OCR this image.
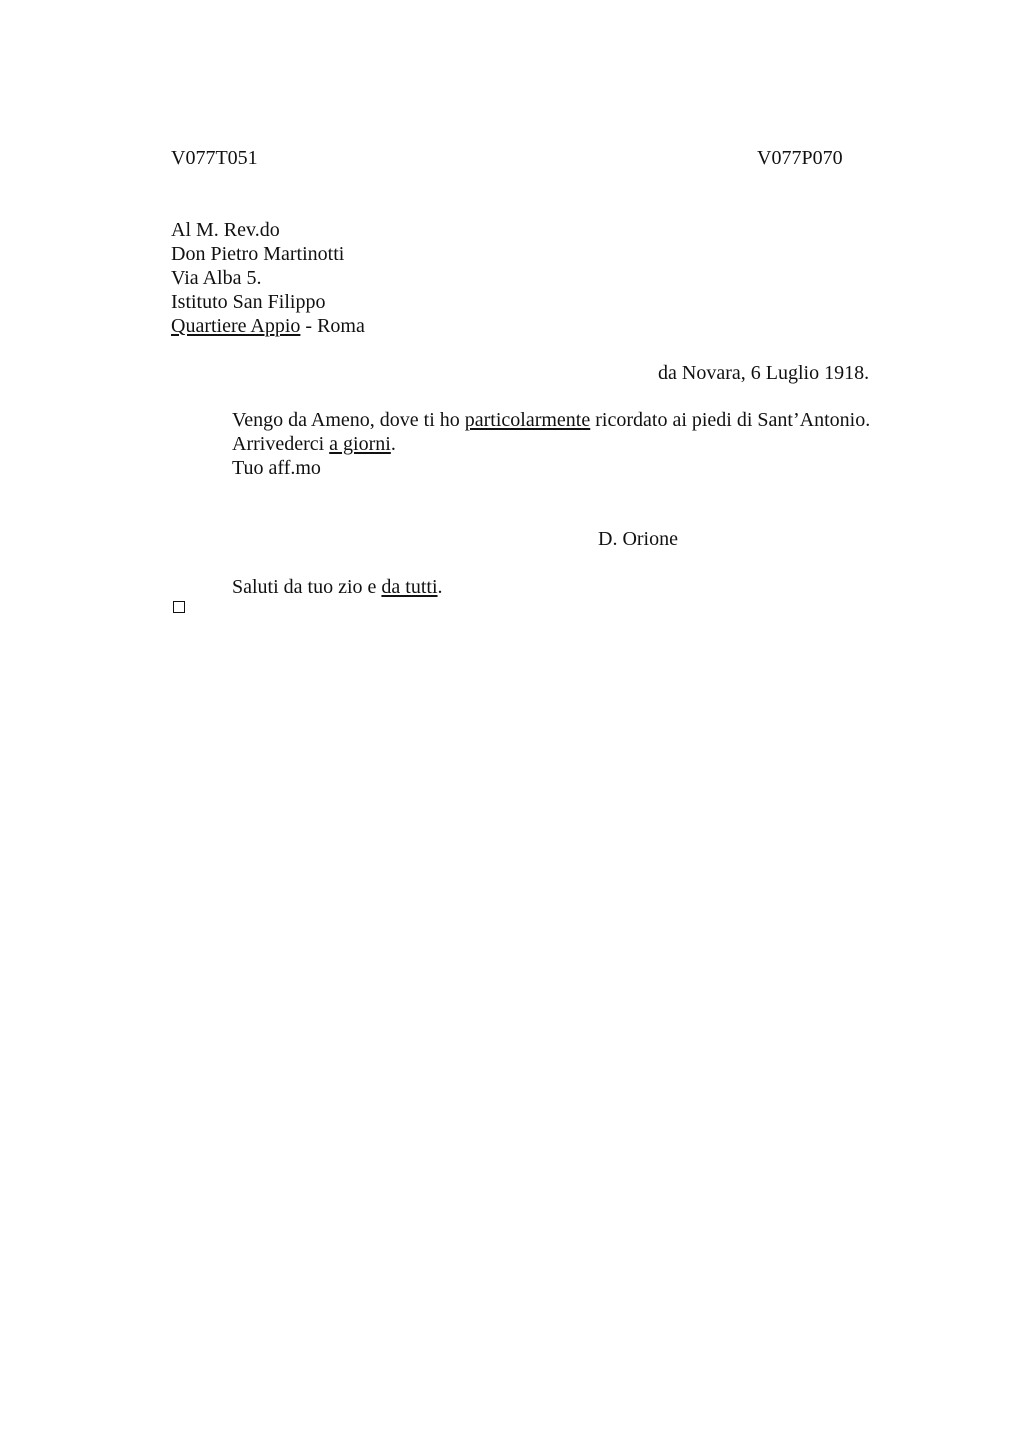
V077T051	V077P070
Al M. Rev.do
Don Pietro Martinotti
Via Alba 5.
Istituto San Filippo
Quartiere Appio - Roma
da Novara, 6 Luglio 1918.
Vengo da Ameno, dove ti ho particolarmente ricordato ai piedi di Sant’Antonio.
Arrivederci a giorni.
Tuo aff.mo
D. Orione
Saluti da tuo zio e da tutti.
